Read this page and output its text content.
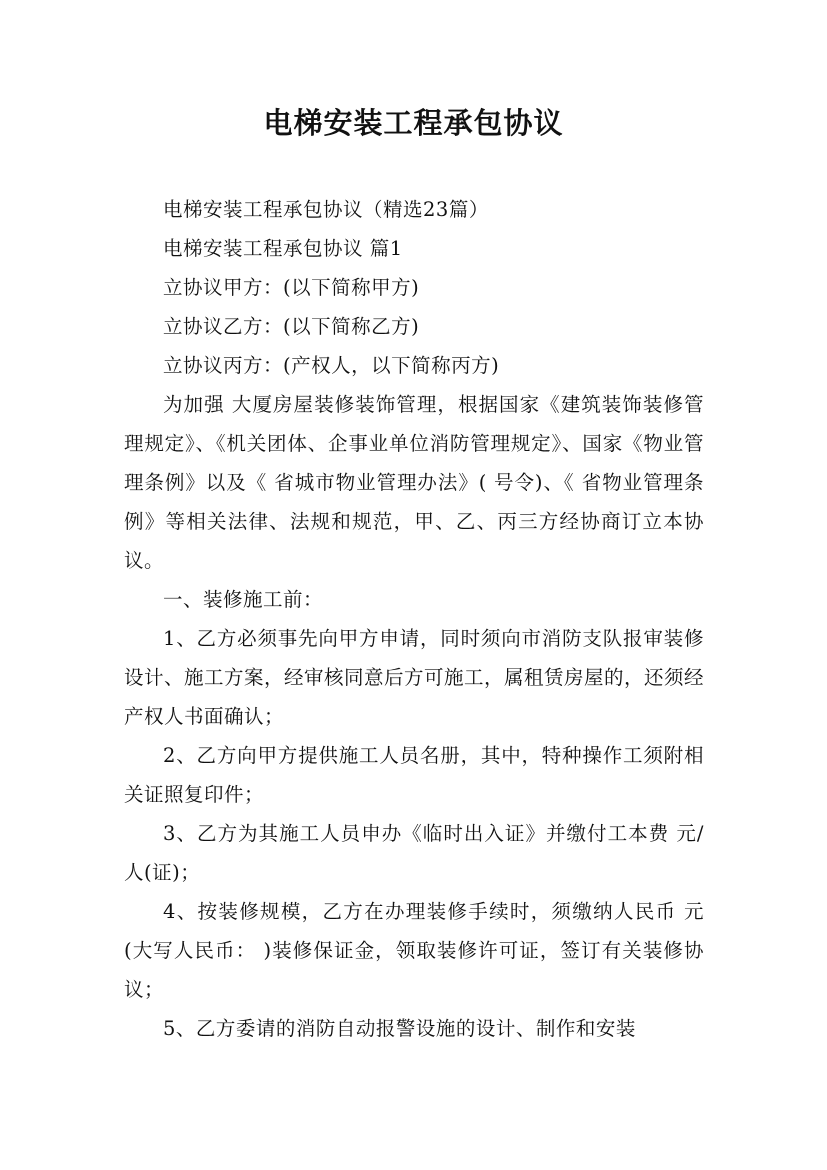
电梯安装工程承包协议

电梯安装工程承包协议（精选23篇）

电梯安装工程承包协议 篇1

立协议甲方：(以下简称甲方)

立协议乙方：(以下简称乙方)

立协议丙方：(产权人，以下简称丙方)

为加强 大厦房屋装修装饰管理，根据国家《建筑装饰装修管理规定》、《机关团体、企事业单位消防管理规定》、国家《物业管理条例》以及《 省城市物业管理办法》( 号令)、《 省物业管理条例》等相关法律、法规和规范，甲、乙、丙三方经协商订立本协议。

一、装修施工前：

1、乙方必须事先向甲方申请，同时须向市消防支队报审装修设计、施工方案，经审核同意后方可施工，属租赁房屋的，还须经产权人书面确认；

2、乙方向甲方提供施工人员名册，其中，特种操作工须附相关证照复印件；

3、乙方为其施工人员申办《临时出入证》并缴付工本费 元/人(证)；

4、按装修规模，乙方在办理装修手续时，须缴纳人民币 元(大写人民币： )装修保证金，领取装修许可证，签订有关装修协议；

5、乙方委请的消防自动报警设施的设计、制作和安装
